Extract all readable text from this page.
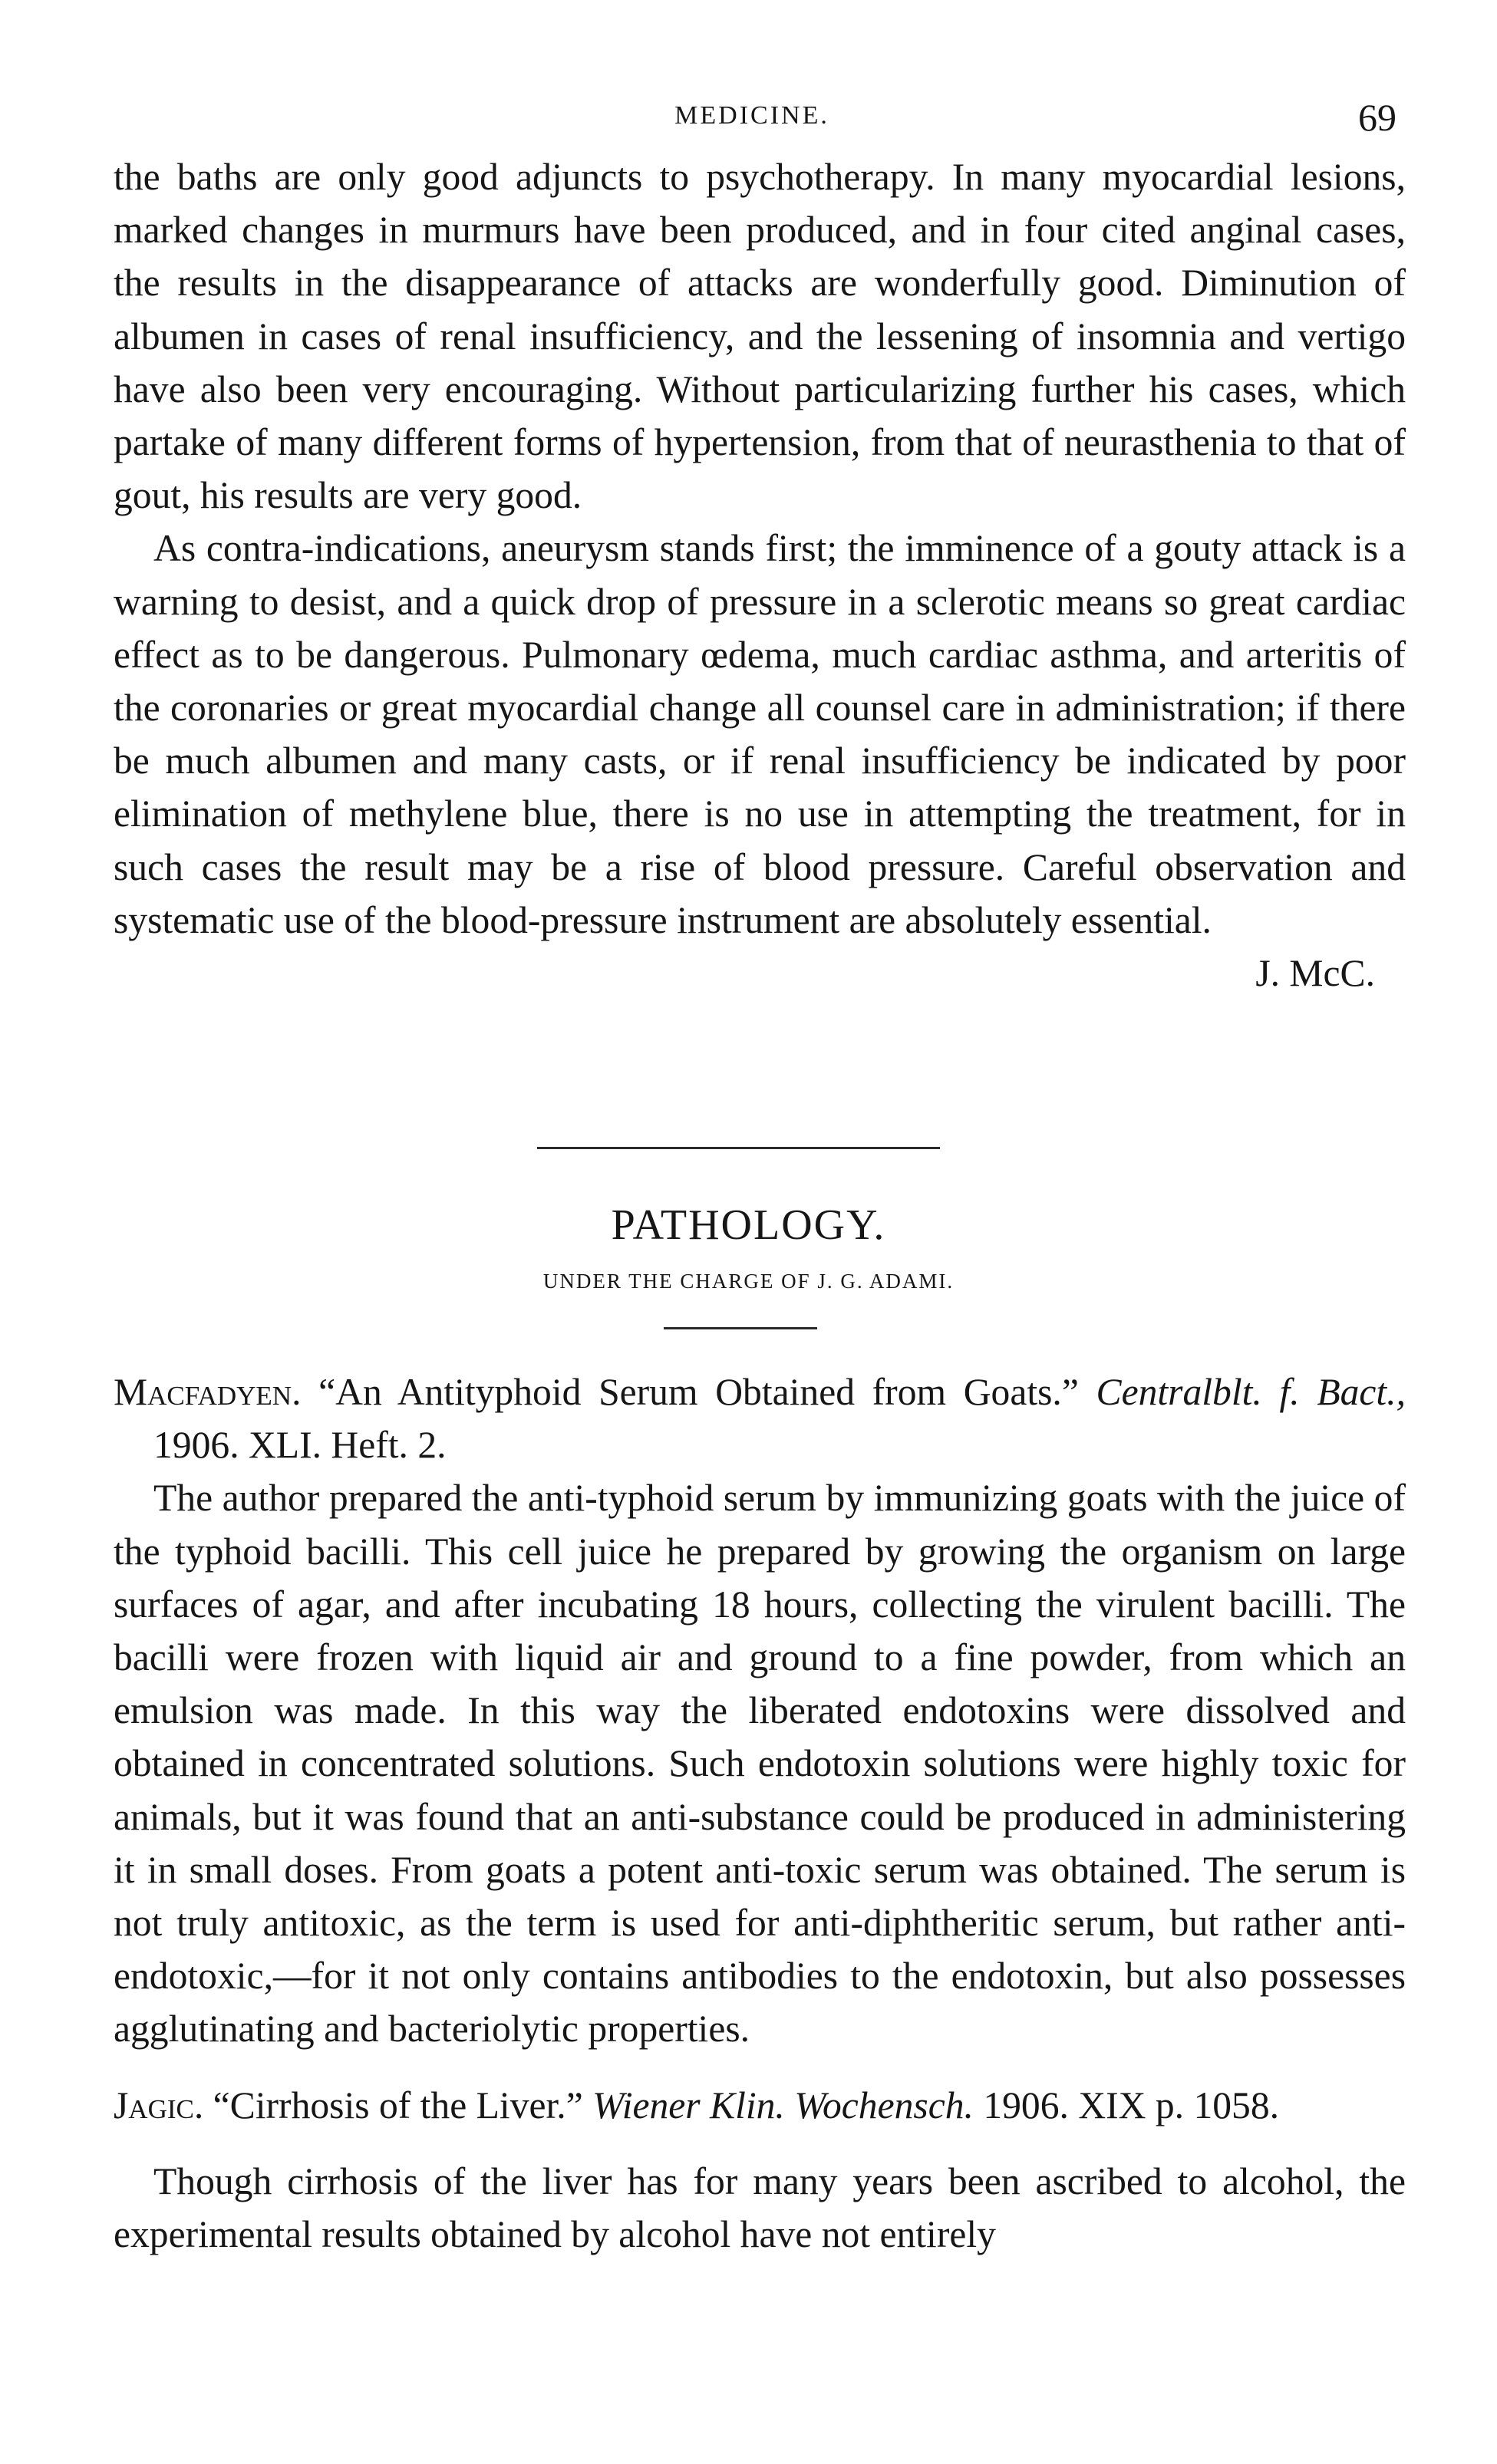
MEDICINE.	69

the baths are only good adjuncts to psychotherapy. In many myocardial lesions, marked changes in murmurs have been produced, and in four cited anginal cases, the results in the disappearance of attacks are wonderfully good. Diminution of albumen in cases of renal insufficiency, and the lessening of insomnia and vertigo have also been very encouraging. Without particularizing further his cases, which partake of many different forms of hypertension, from that of neurasthenia to that of gout, his results are very good.

As contra-indications, aneurysm stands first; the imminence of a gouty attack is a warning to desist, and a quick drop of pressure in a sclerotic means so great cardiac effect as to be dangerous. Pulmonary œdema, much cardiac asthma, and arteritis of the coronaries or great myocardial change all counsel care in administration; if there be much albumen and many casts, or if renal insufficiency be indicated by poor elimination of methylene blue, there is no use in attempting the treatment, for in such cases the result may be a rise of blood pressure. Careful observation and systematic use of the blood-pressure instrument are absolutely essential.

J. McC.

PATHOLOGY.
UNDER THE CHARGE OF J. G. ADAMI.

Macfadyen. “An Antityphoid Serum Obtained from Goats.” Centralblt. f. Bact., 1906. XLI. Heft. 2.

The author prepared the anti-typhoid serum by immunizing goats with the juice of the typhoid bacilli. This cell juice he prepared by growing the organism on large surfaces of agar, and after incubating 18 hours, collecting the virulent bacilli. The bacilli were frozen with liquid air and ground to a fine powder, from which an emulsion was made. In this way the liberated endotoxins were dissolved and obtained in concentrated solutions. Such endotoxin solutions were highly toxic for animals, but it was found that an anti-substance could be produced in administering it in small doses. From goats a potent anti-toxic serum was obtained. The serum is not truly antitoxic, as the term is used for anti-diphtheritic serum, but rather anti-endotoxic,—for it not only contains antibodies to the endotoxin, but also possesses agglutinating and bacteriolytic properties.

Jagic. “Cirrhosis of the Liver.” Wiener Klin. Wochensch. 1906. XIX p. 1058.

Though cirrhosis of the liver has for many years been ascribed to alcohol, the experimental results obtained by alcohol have not entirely
